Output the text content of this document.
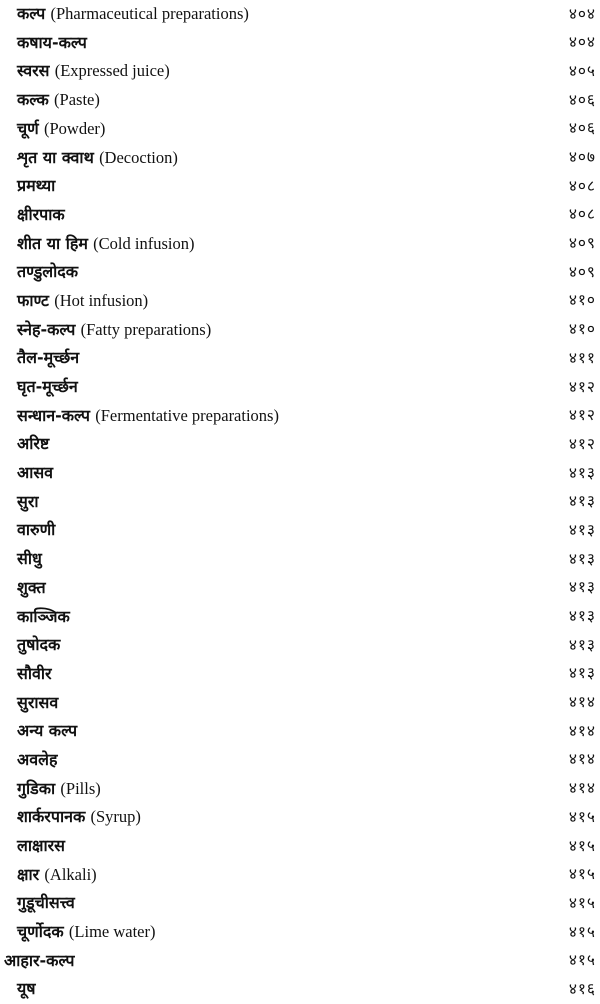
कल्प (Pharmaceutical preparations)	४०४
कषाय-कल्प	४०४
स्वरस (Expressed juice)	४०५
कल्क (Paste)	४०६
चूर्ण (Powder)	४०६
शृत या क्वाथ (Decoction)	४०७
प्रमथ्या	४०८
क्षीरपाक	४०८
शीत या हिम (Cold infusion)	४०९
तण्डुलोदक	४०९
फाण्ट (Hot infusion)	४१०
स्नेह-कल्प (Fatty preparations)	४१०
तैल-मूर्च्छन	४११
घृत-मूर्च्छन	४१२
सन्धान-कल्प (Fermentative preparations)	४१२
अरिष्ट	४१२
आसव	४१३
सुरा	४१३
वारुणी	४१३
सीधु	४१३
शुक्त	४१३
काञ्जिक	४१३
तुषोदक	४१३
सौवीर	४१३
सुरासव	४१४
अन्य कल्प	४१४
अवलेह	४१४
गुडिका (Pills)	४१४
शार्करपानक (Syrup)	४१५
लाक्षारस	४१५
क्षार (Alkali)	४१५
गुडूचीसत्त्व	४१५
चूर्णोदक (Lime water)	४१५
आहार-कल्प	४१५
यूष	४१६
